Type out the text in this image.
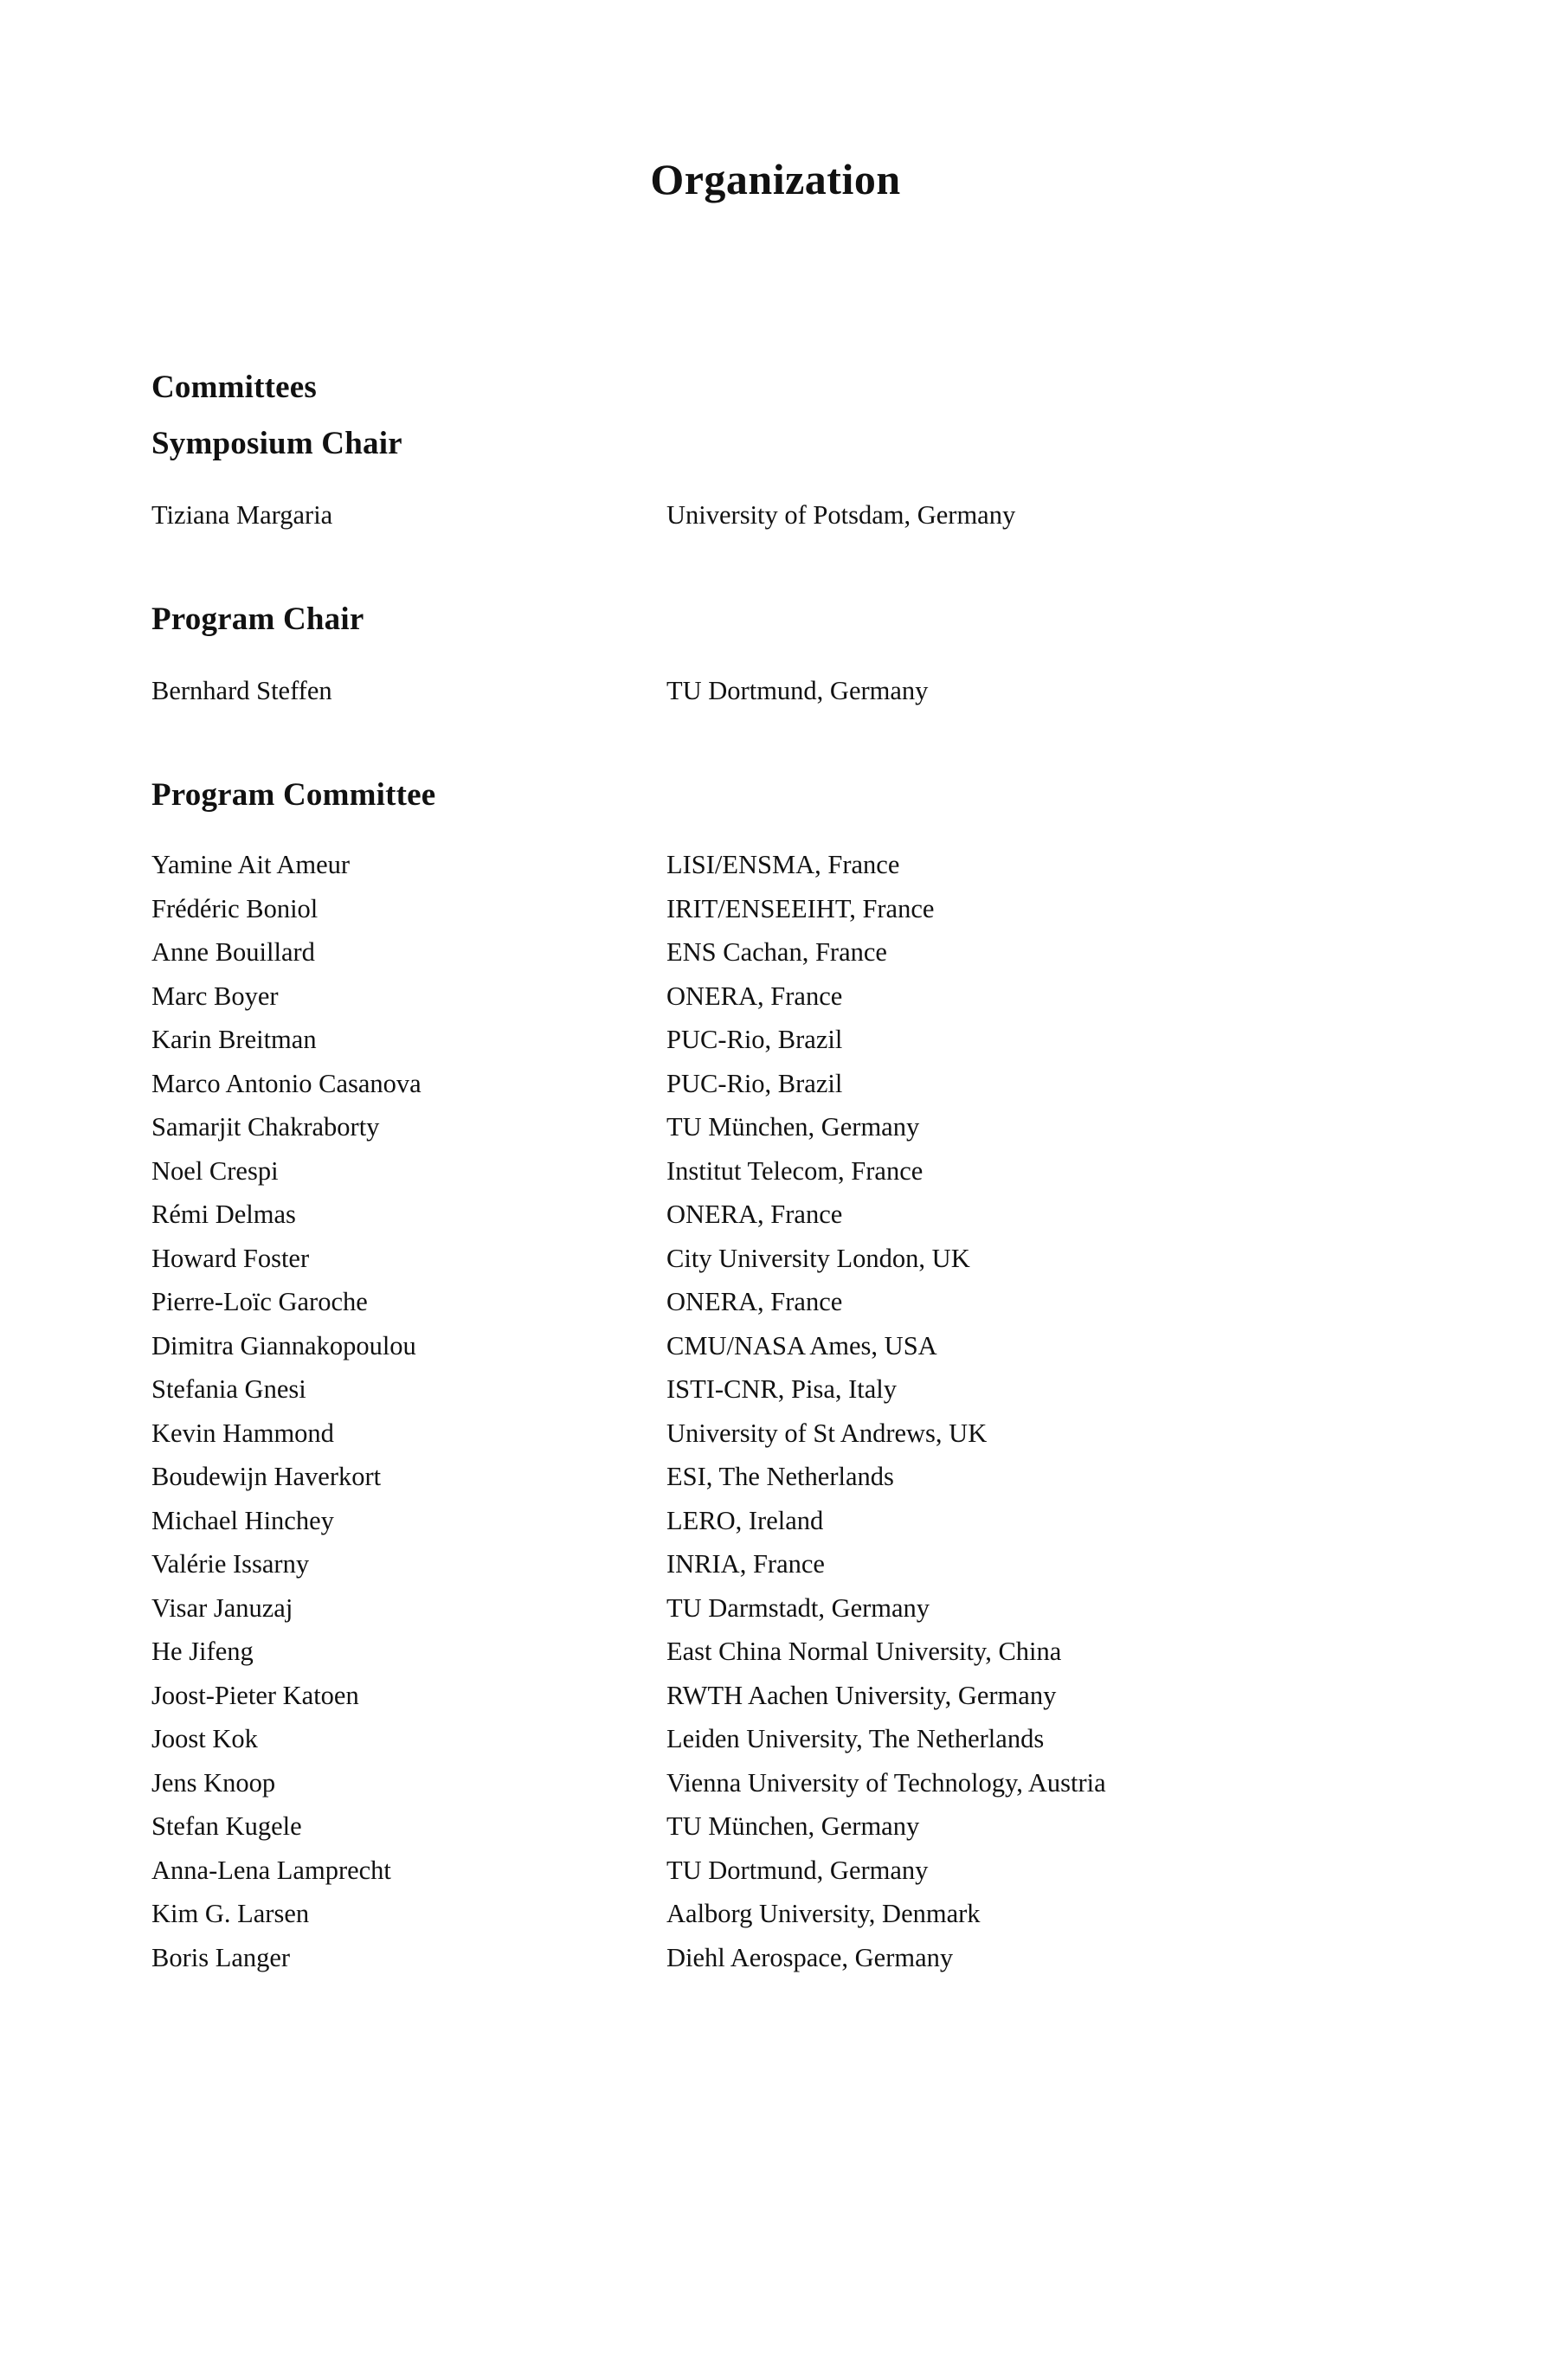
Organization
Committees
Symposium Chair
Tiziana Margaria	University of Potsdam, Germany
Program Chair
Bernhard Steffen	TU Dortmund, Germany
Program Committee
Yamine Ait Ameur	LISI/ENSMA, France
Frédéric Boniol	IRIT/ENSEEIHT, France
Anne Bouillard	ENS Cachan, France
Marc Boyer	ONERA, France
Karin Breitman	PUC-Rio, Brazil
Marco Antonio Casanova	PUC-Rio, Brazil
Samarjit Chakraborty	TU München, Germany
Noel Crespi	Institut Telecom, France
Rémi Delmas	ONERA, France
Howard Foster	City University London, UK
Pierre-Loïc Garoche	ONERA, France
Dimitra Giannakopoulou	CMU/NASA Ames, USA
Stefania Gnesi	ISTI-CNR, Pisa, Italy
Kevin Hammond	University of St Andrews, UK
Boudewijn Haverkort	ESI, The Netherlands
Michael Hinchey	LERO, Ireland
Valérie Issarny	INRIA, France
Visar Januzaj	TU Darmstadt, Germany
He Jifeng	East China Normal University, China
Joost-Pieter Katoen	RWTH Aachen University, Germany
Joost Kok	Leiden University, The Netherlands
Jens Knoop	Vienna University of Technology, Austria
Stefan Kugele	TU München, Germany
Anna-Lena Lamprecht	TU Dortmund, Germany
Kim G. Larsen	Aalborg University, Denmark
Boris Langer	Diehl Aerospace, Germany
